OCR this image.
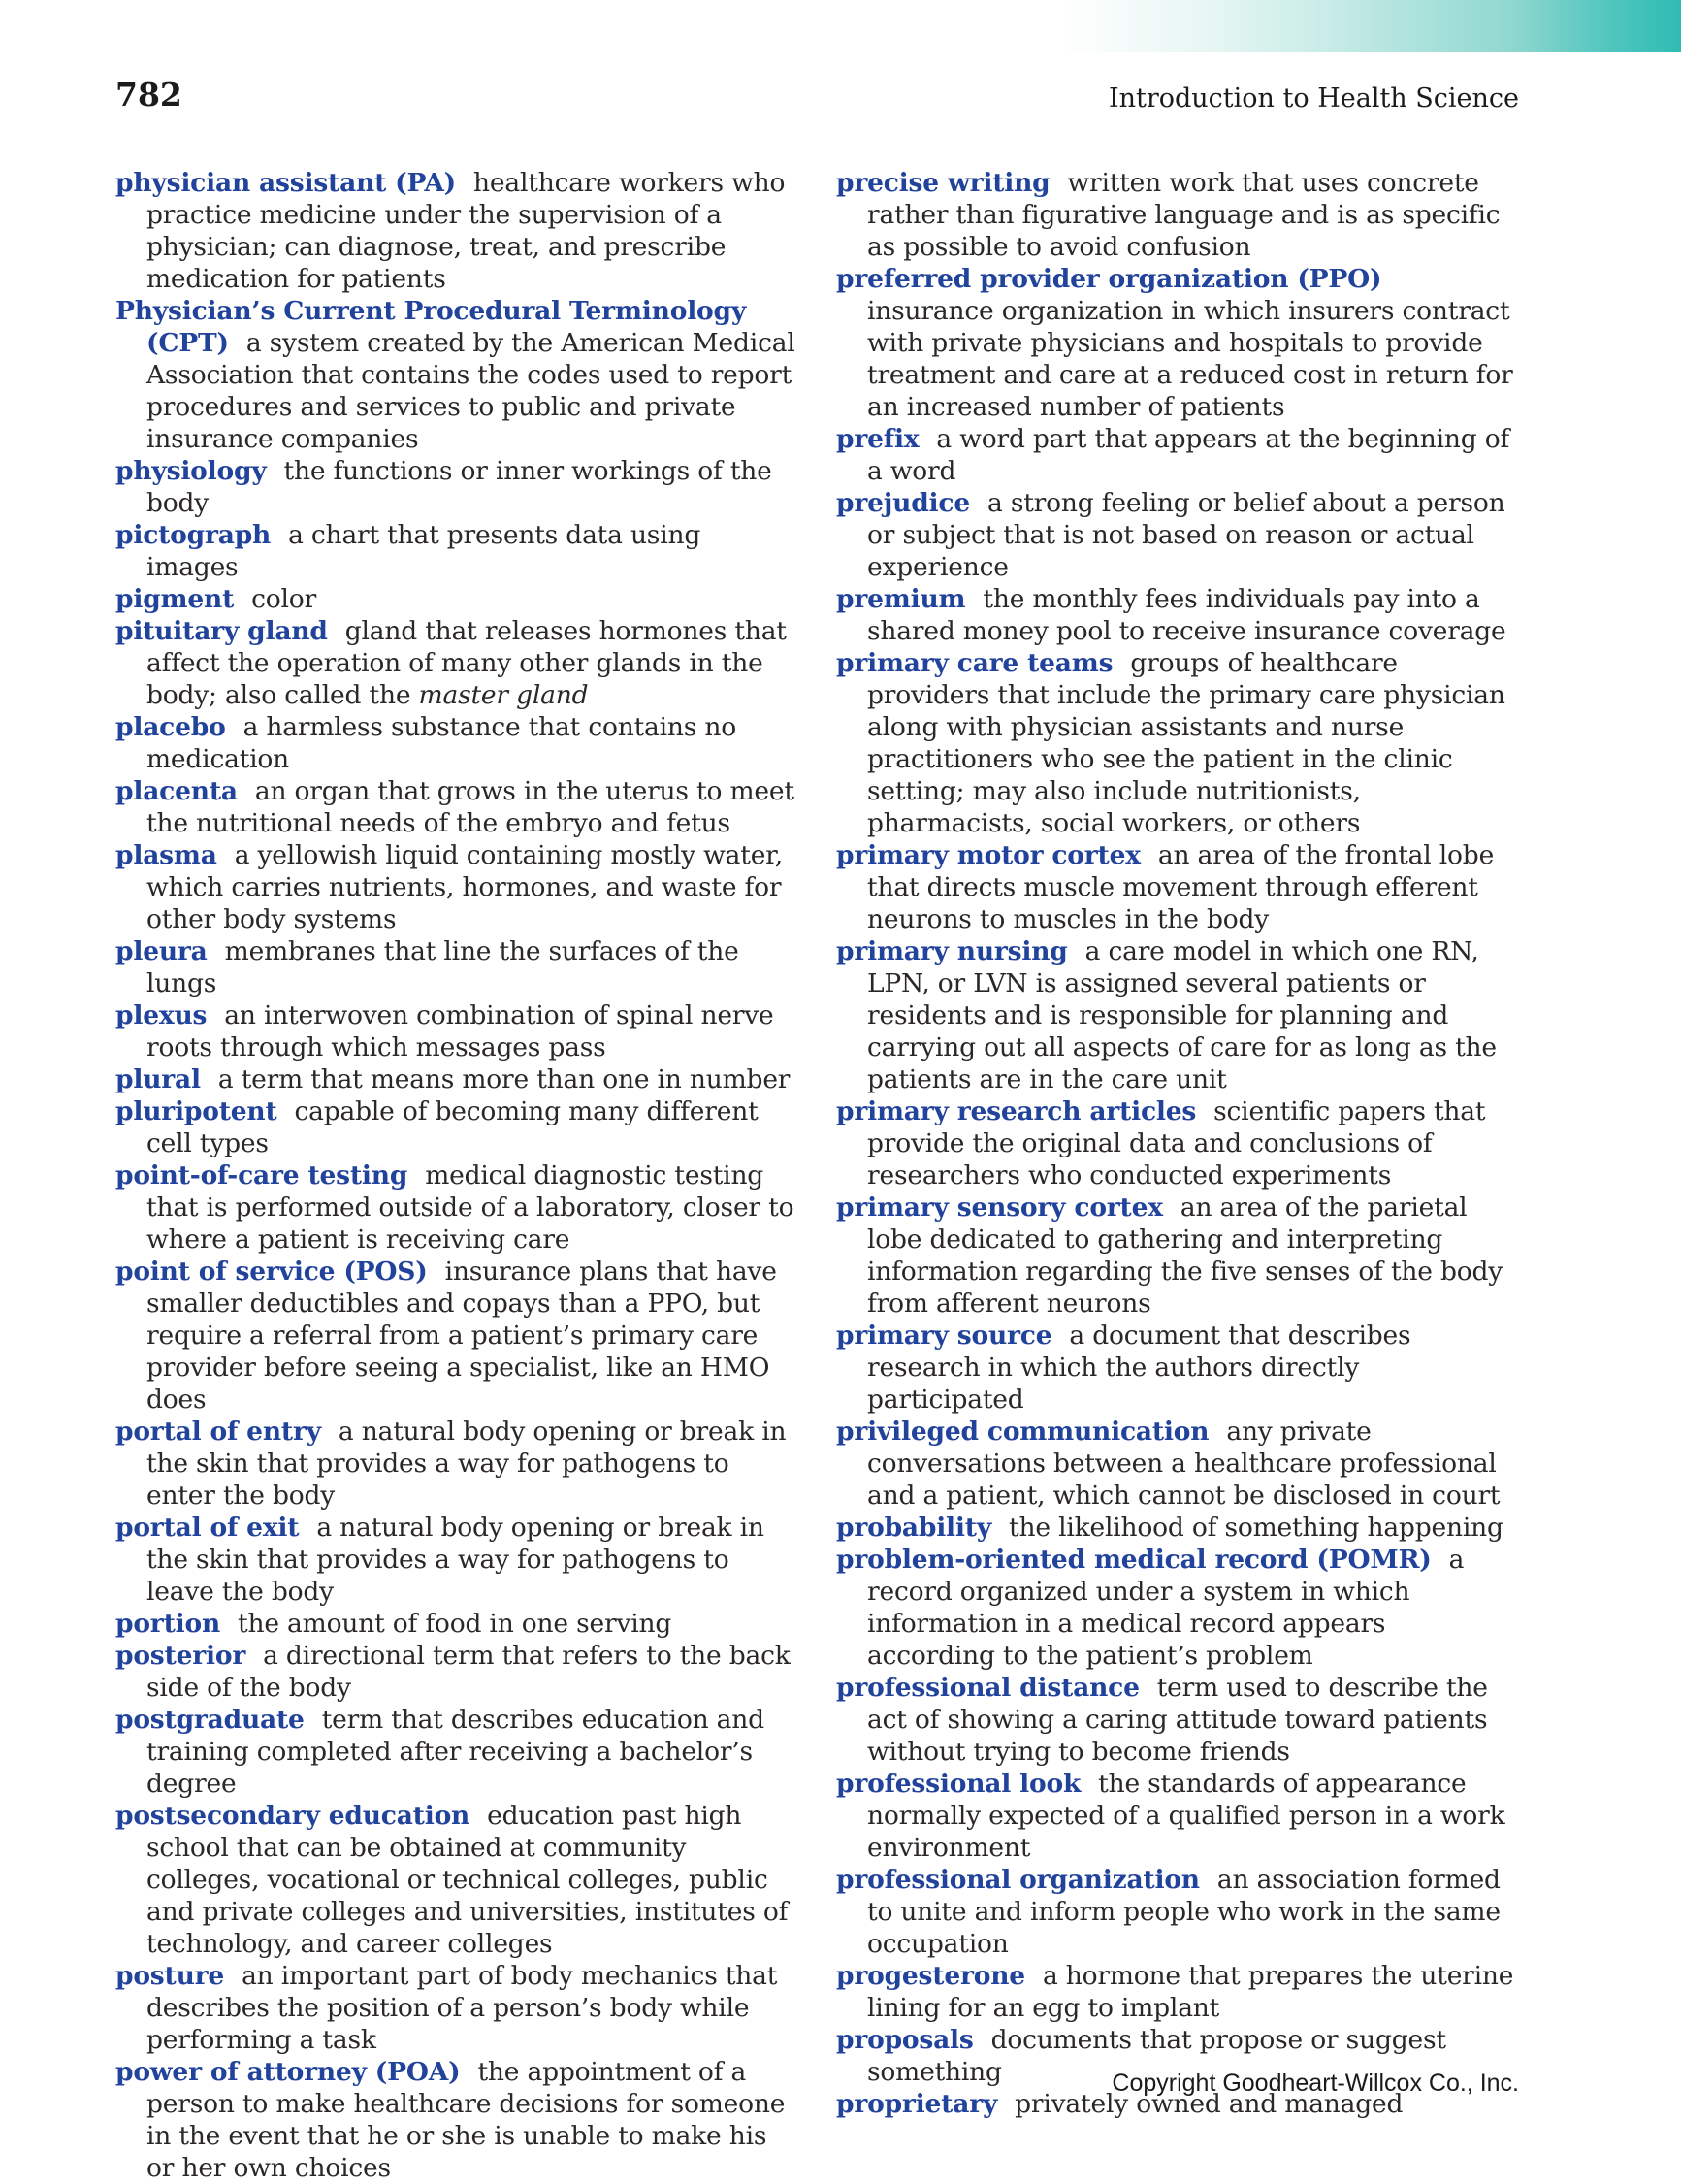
782	Introduction to Health Science
physician assistant (PA) healthcare workers who practice medicine under the supervision of a physician; can diagnose, treat, and prescribe medication for patients
Physician’s Current Procedural Terminology (CPT) a system created by the American Medical Association that contains the codes used to report procedures and services to public and private insurance companies
physiology the functions or inner workings of the body
pictograph a chart that presents data using images
pigment color
pituitary gland gland that releases hormones that affect the operation of many other glands in the body; also called the master gland
placebo a harmless substance that contains no medication
placenta an organ that grows in the uterus to meet the nutritional needs of the embryo and fetus
plasma a yellowish liquid containing mostly water, which carries nutrients, hormones, and waste for other body systems
pleura membranes that line the surfaces of the lungs
plexus an interwoven combination of spinal nerve roots through which messages pass
plural a term that means more than one in number
pluripotent capable of becoming many different cell types
point-of-care testing medical diagnostic testing that is performed outside of a laboratory, closer to where a patient is receiving care
point of service (POS) insurance plans that have smaller deductibles and copays than a PPO, but require a referral from a patient’s primary care provider before seeing a specialist, like an HMO does
portal of entry a natural body opening or break in the skin that provides a way for pathogens to enter the body
portal of exit a natural body opening or break in the skin that provides a way for pathogens to leave the body
portion the amount of food in one serving
posterior a directional term that refers to the back side of the body
postgraduate term that describes education and training completed after receiving a bachelor’s degree
postsecondary education education past high school that can be obtained at community colleges, vocational or technical colleges, public and private colleges and universities, institutes of technology, and career colleges
posture an important part of body mechanics that describes the position of a person’s body while performing a task
power of attorney (POA) the appointment of a person to make healthcare decisions for someone in the event that he or she is unable to make his or her own choices
precise writing written work that uses concrete rather than figurative language and is as specific as possible to avoid confusion
preferred provider organization (PPO)insurance organization in which insurers contract with private physicians and hospitals to provide treatment and care at a reduced cost in return for an increased number of patients
prefix a word part that appears at the beginning of a word
prejudice a strong feeling or belief about a person or subject that is not based on reason or actual experience
premium the monthly fees individuals pay into a shared money pool to receive insurance coverage
primary care teams groups of healthcare providers that include the primary care physician along with physician assistants and nurse practitioners who see the patient in the clinic setting; may also include nutritionists, pharmacists, social workers, or others
primary motor cortex an area of the frontal lobe that directs muscle movement through efferent neurons to muscles in the body
primary nursing a care model in which one RN, LPN, or LVN is assigned several patients or residents and is responsible for planning and carrying out all aspects of care for as long as the patients are in the care unit
primary research articles scientific papers that provide the original data and conclusions of researchers who conducted experiments
primary sensory cortex an area of the parietal lobe dedicated to gathering and interpreting information regarding the five senses of the body from afferent neurons
primary source a document that describes research in which the authors directly participated
privileged communication any private conversations between a healthcare professional and a patient, which cannot be disclosed in court
probability the likelihood of something happening
problem-oriented medical record (POMR) a record organized under a system in which information in a medical record appears according to the patient’s problem
professional distance term used to describe the act of showing a caring attitude toward patients without trying to become friends
professional look the standards of appearance normally expected of a qualified person in a work environment
professional organization an association formed to unite and inform people who work in the same occupation
progesterone a hormone that prepares the uterine lining for an egg to implant
proposals documents that propose or suggest something
proprietary privately owned and managed
Copyright Goodheart-Willcox Co., Inc.
